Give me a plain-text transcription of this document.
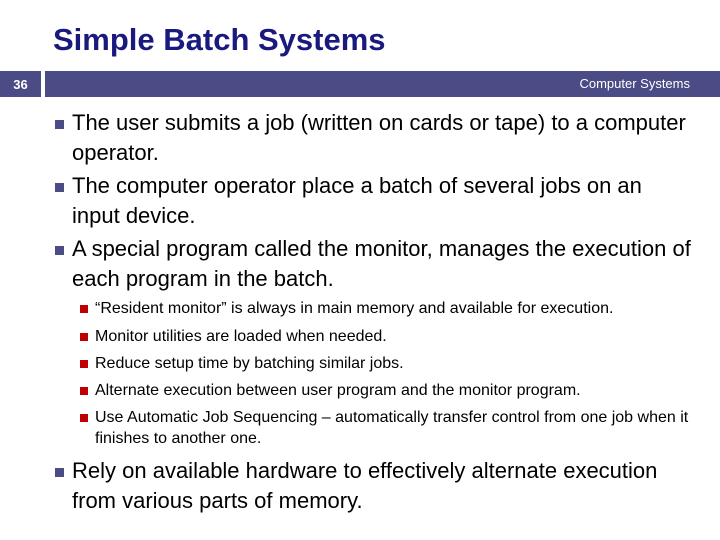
Simple Batch Systems
36	Computer Systems
The user submits a job (written on cards or tape) to a computer operator.
The computer operator place a batch of several jobs on an input device.
A special program called the monitor, manages the execution of each program in the batch.
“Resident monitor” is always in main memory and available for execution.
Monitor utilities are loaded when needed.
Reduce setup time by batching similar jobs.
Alternate execution between user program and the monitor program.
Use Automatic Job Sequencing – automatically transfer control from one job when it finishes to another one.
Rely on available hardware to effectively alternate execution from various parts of memory.
